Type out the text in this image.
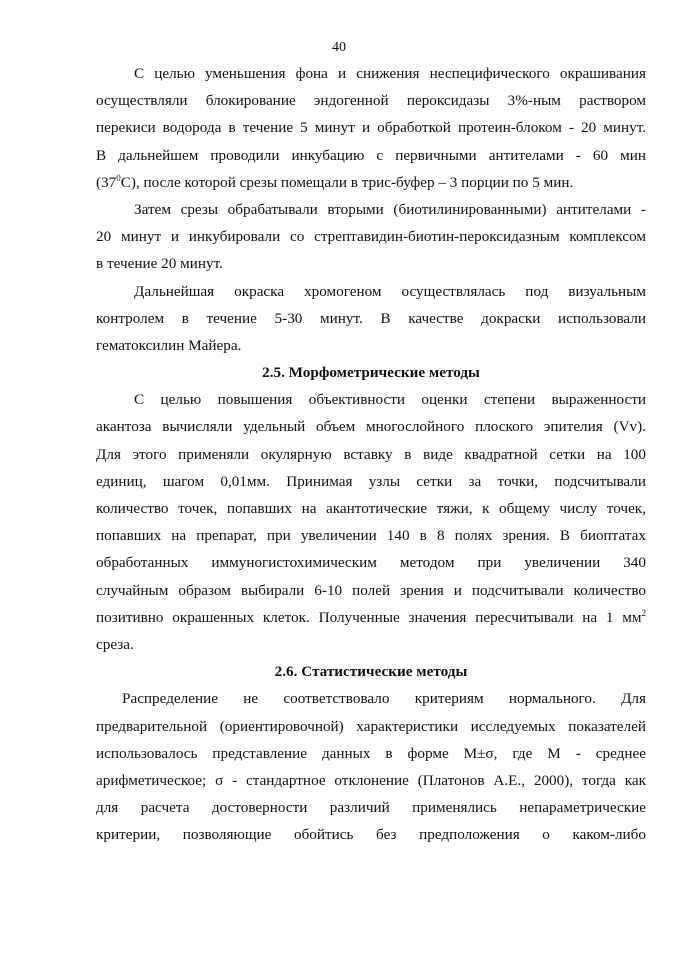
40
С целью уменьшения фона и снижения неспецифического окрашивания
осуществляли блокирование эндогенной пероксидазы 3%-ным раствором
перекиси водорода в течение 5 минут и обработкой протеин-блоком - 20 минут.
В дальнейшем проводили инкубацию с первичными антителами - 60 мин
$(37^0С)$, после которой срезы помещали в трис-буфер – 3 порции по 5 мин.
Затем срезы обрабатывали вторыми (биотилинированными) антителами -
20 минут и инкубировали со стрептавидин-биотин-пероксидазным комплексом
в течение 20 минут.
Дальнейшая окраска хромогеном осуществлялась под визуальным
контролем в течение 5-30 минут. В качестве докраски использовали
гематоксилин Майера.
2.5. Морфометрические методы
С целью повышения объективности оценки степени выраженности
акантоза вычисляли удельный объем многослойного плоского эпителия (Vv).
Для этого применяли окулярную вставку в виде квадратной сетки на 100
единиц, шагом 0,01мм. Принимая узлы сетки за точки, подсчитывали
количество точек, попавших на акантотические тяжи, к общему числу точек,
попавших на препарат, при увеличении 140 в 8 полях зрения. В биоптатах
обработанных иммуногистохимическим методом при увеличении 340
случайным образом выбирали 6-10 полей зрения и подсчитывали количество
позитивно окрашенных клеток. Полученные значения пересчитывали на 1 $мм^2$
среза.
2.6. Статистические методы
Распределение не соответствовало критериям нормального. Для
предварительной (ориентировочной) характеристики исследуемых показателей
использовалось представление данных в форме M±σ, где M - среднее
арифметическое; σ - стандартное отклонение (Платонов А.Е., 2000), тогда как
для расчета достоверности различий применялись непараметрические
критерии, позволяющие обойтись без предположения о каком-либо
